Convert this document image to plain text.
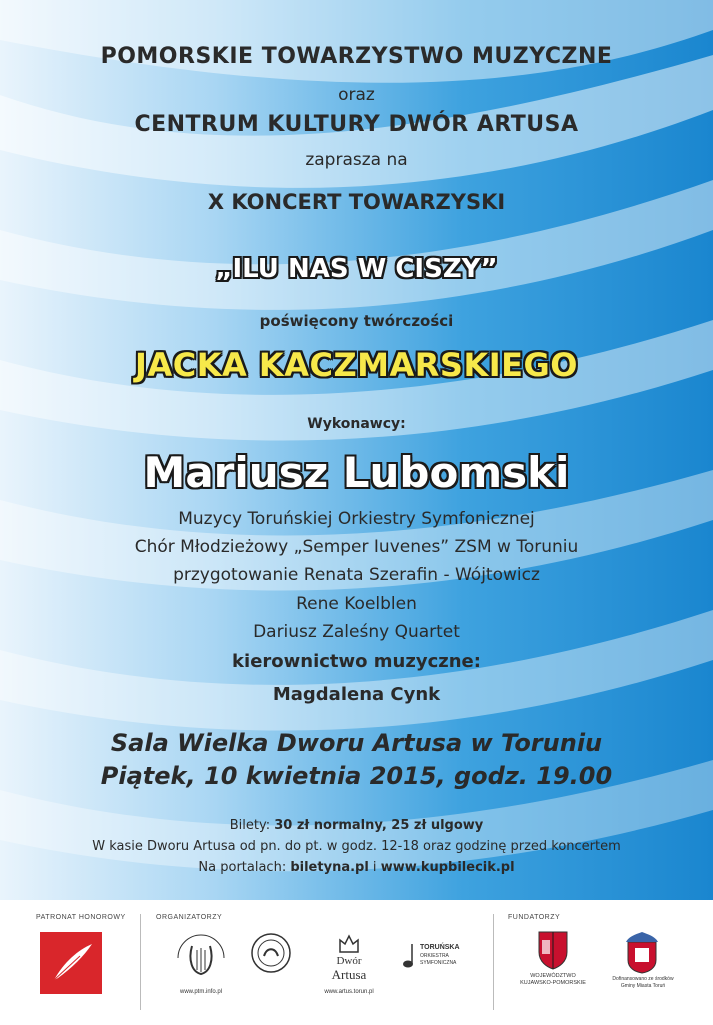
POMORSKIE TOWARZYSTWO MUZYCZNE
oraz
CENTRUM KULTURY DWÓR ARTUSA
zaprasza na
X KONCERT TOWARZYSKI
„ILU NAS W CISZY”
poświęcony twórczości
JACKA KACZMARSKIEGO
Wykonawcy:
Mariusz Lubomski
Muzycy Toruńskiej Orkiestry Symfonicznej
Chór Młodzieżowy „Semper Iuvenes” ZSM w Toruniu
przygotowanie Renata Szerafin - Wójtowicz
Rene Koelblen
Dariusz Zaleśny Quartet
kierownictwo muzyczne:
Magdalena Cynk
Sala Wielka Dworu Artusa w Toruniu
Piątek, 10 kwietnia 2015, godz. 19.00
Bilety: 30 zł normalny, 25 zł ulgowy
W kasie Dworu Artusa od pn. do pt. w godz. 12-18 oraz godzinę przed koncertem
Na portalach: biletyna.pl i www.kupbilecik.pl
PATRONAT HONOROWY	ORGANIZATORZY	FUNDATORZY
www.ptm.info.pl
Dwór
Artusa
www.artus.torun.pl
TORUŃSKA
ORKIESTRA
SYMFONICZNA
WOJEWÓDZTWO
KUJAWSKO-POMORSKIE
Dofinansowano ze środków
Gminy Miasta Toruń
